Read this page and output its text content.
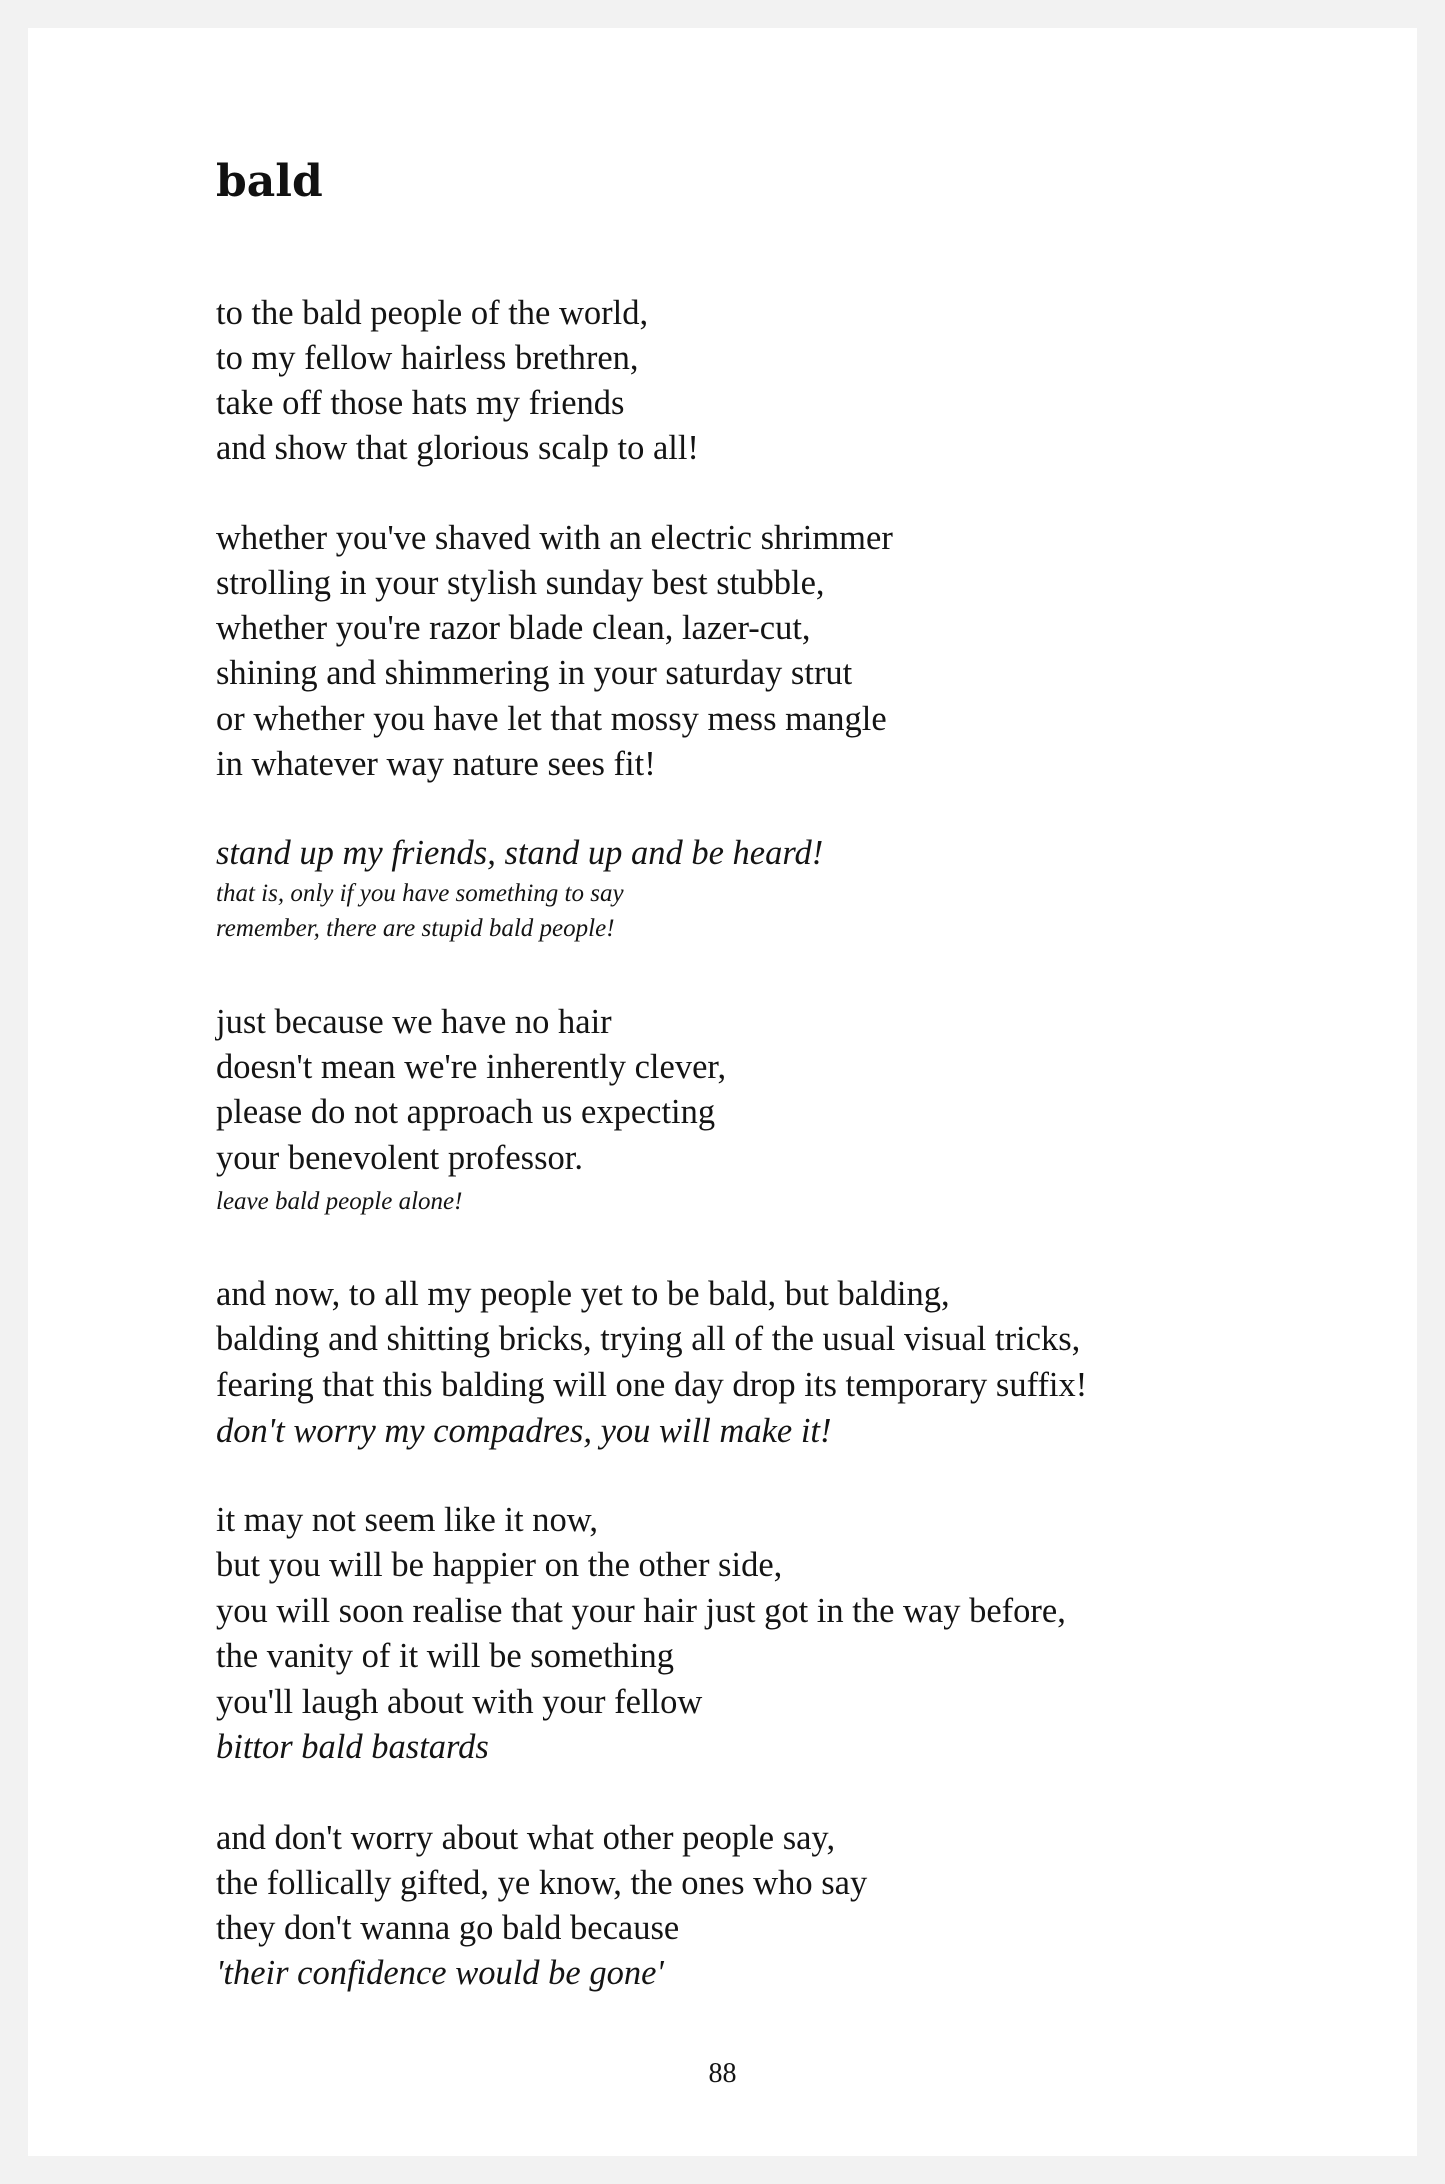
bald
to the bald people of the world,
to my fellow hairless brethren,
take off those hats my friends
and show that glorious scalp to all!
whether you've shaved with an electric shrimmer
strolling in your stylish sunday best stubble,
whether you're razor blade clean, lazer-cut,
shining and shimmering in your saturday strut
or whether you have let that mossy mess mangle
in whatever way nature sees fit!
stand up my friends, stand up and be heard!
that is, only if you have something to say
remember, there are stupid bald people!
just because we have no hair
doesn't mean we're inherently clever,
please do not approach us expecting
your benevolent professor.
leave bald people alone!
and now, to all my people yet to be bald, but balding,
balding and shitting bricks, trying all of the usual visual tricks,
fearing that this balding will one day drop its temporary suffix!
don't worry my compadres, you will make it!
it may not seem like it now,
but you will be happier on the other side,
you will soon realise that your hair just got in the way before,
the vanity of it will be something
you'll laugh about with your fellow
bittor bald bastards
and don't worry about what other people say,
the follically gifted, ye know, the ones who say
they don't wanna go bald because
'their confidence would be gone'
88
